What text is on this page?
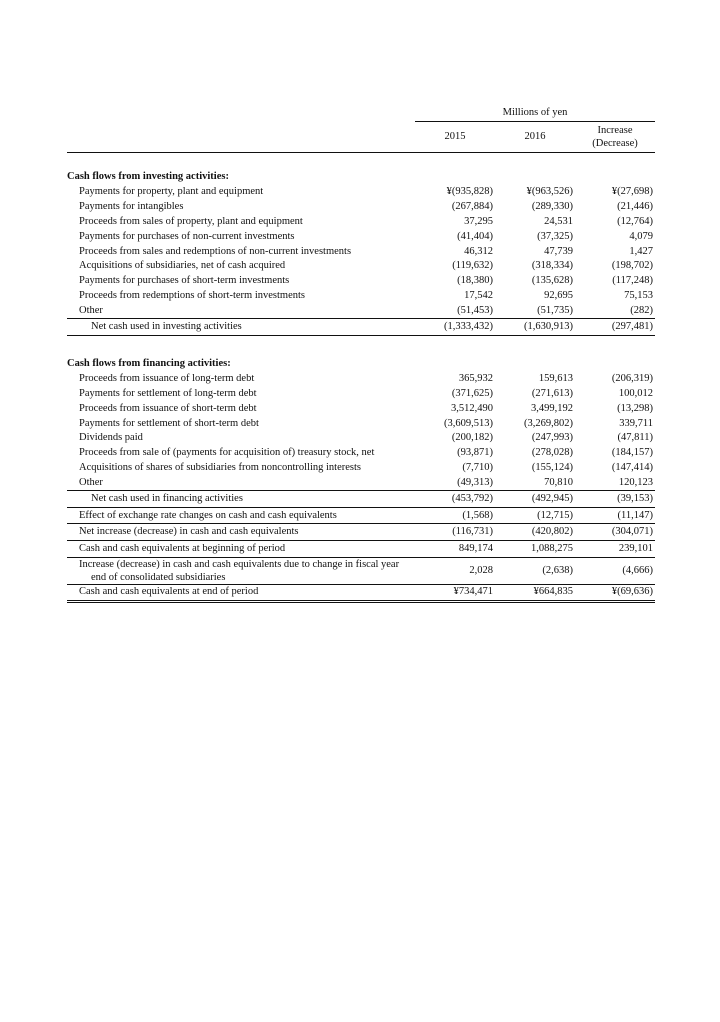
	Millions of yen		
	2015	2016	Increase
(Decrease)

Cash flows from investing activities:			
Payments for property, plant and equipment	¥(935,828)	¥(963,526)	¥(27,698)
Payments for intangibles	(267,884)	(289,330)	(21,446)
Proceeds from sales of property, plant and equipment	37,295	24,531	(12,764)
Payments for purchases of non-current investments	(41,404)	(37,325)	4,079
Proceeds from sales and redemptions of non-current investments	46,312	47,739	1,427
Acquisitions of subsidiaries, net of cash acquired	(119,632)	(318,334)	(198,702)
Payments for purchases of short-term investments	(18,380)	(135,628)	(117,248)
Proceeds from redemptions of short-term investments	17,542	92,695	75,153
Other	(51,453)	(51,735)	(282)
Net cash used in investing activities	(1,333,432)	(1,630,913)	(297,481)

Cash flows from financing activities:			
Proceeds from issuance of long-term debt	365,932	159,613	(206,319)
Payments for settlement of long-term debt	(371,625)	(271,613)	100,012
Proceeds from issuance of short-term debt	3,512,490	3,499,192	(13,298)
Payments for settlement of short-term debt	(3,609,513)	(3,269,802)	339,711
Dividends paid	(200,182)	(247,993)	(47,811)
Proceeds from sale of (payments for acquisition of) treasury stock, net	(93,871)	(278,028)	(184,157)
Acquisitions of shares of subsidiaries from noncontrolling interests	(7,710)	(155,124)	(147,414)
Other	(49,313)	70,810	120,123
Net cash used in financing activities	(453,792)	(492,945)	(39,153)
Effect of exchange rate changes on cash and cash equivalents	(1,568)	(12,715)	(11,147)
Net increase (decrease) in cash and cash equivalents	(116,731)	(420,802)	(304,071)
Cash and cash equivalents at beginning of period	849,174	1,088,275	239,101
Increase (decrease) in cash and cash equivalents due to change in fiscal year
end of consolidated subsidiaries	2,028	(2,638)	(4,666)
Cash and cash equivalents at end of period	¥734,471	¥664,835	¥(69,636)
